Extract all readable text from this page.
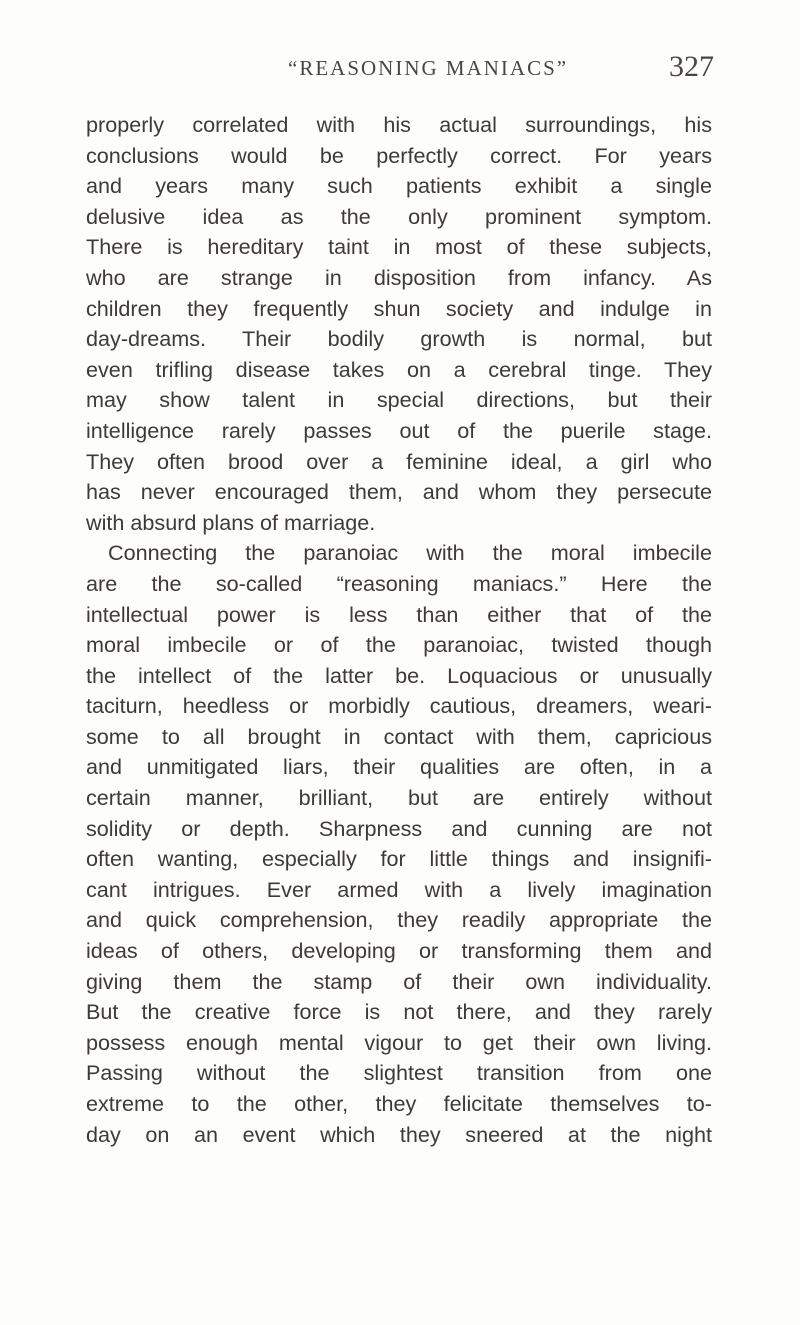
“REASONING MANIACS”	327
properly correlated with his actual surroundings, his
conclusions would be perfectly correct. For years
and years many such patients exhibit a single
delusive idea as the only prominent symptom.
There is hereditary taint in most of these subjects,
who are strange in disposition from infancy. As
children they frequently shun society and indulge in
day-dreams. Their bodily growth is normal, but
even trifling disease takes on a cerebral tinge. They
may show talent in special directions, but their
intelligence rarely passes out of the puerile stage.
They often brood over a feminine ideal, a girl who
has never encouraged them, and whom they persecute
with absurd plans of marriage.
Connecting the paranoiac with the moral imbecile
are the so-called “reasoning maniacs.” Here the
intellectual power is less than either that of the
moral imbecile or of the paranoiac, twisted though
the intellect of the latter be. Loquacious or unusually
taciturn, heedless or morbidly cautious, dreamers, weari-
some to all brought in contact with them, capricious
and unmitigated liars, their qualities are often, in a
certain manner, brilliant, but are entirely without
solidity or depth. Sharpness and cunning are not
often wanting, especially for little things and insignifi-
cant intrigues. Ever armed with a lively imagination
and quick comprehension, they readily appropriate the
ideas of others, developing or transforming them and
giving them the stamp of their own individuality.
But the creative force is not there, and they rarely
possess enough mental vigour to get their own living.
Passing without the slightest transition from one
extreme to the other, they felicitate themselves to-
day on an event which they sneered at the night
